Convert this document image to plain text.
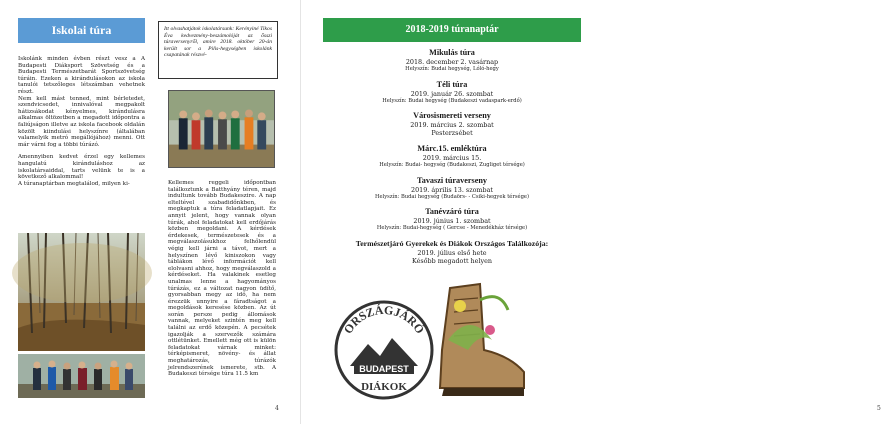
Iskolai túra

Iskolánk minden évben részt vesz a A Budapesti Diáksport Szövetség és a Budapesti Természetbarát Sportszövetség túráin. Ezeken a kirándulásokon az iskola tanulói tetszőleges létszámban vehetnek részt.

Nem kell mást tenned, mint bérletedet, szendvicsedet, innivalóval megpakolt hátizsákodat kényelmes, kirándulásra alkalmas öltözetben a megadott időpontra a faliújságon illetve az iskola facebook oldalán közölt kiindulási helyszínre (általában valamelyik metró megállójához) menni. Ott már várni fog a többi túrázó.

Amennyiben kedvet érzel egy kellemes hangulatú kiránduláshoz az iskolatársaiddal, tarts velünk te is a következő alkalommal!

A túranaptárban megtalálod, milyen ki-

Itt olvashatjátok iskolatársunk: Kerényiné Tikos Éva kedvezmény-beszámolóját az ősszi túraversenyről, amire 2018. október 20-án került sor a Pilis-hegységben iskolánk csapatának részvé-
Kellemes reggeli időpontban találkoztunk a Batthyány téren, majd indultunk tovább Budakeszire. A nap elteltével szabadidőnkben, és megkaptuk a túra feladatlapjait. Ez annyit jelent, hogy vannak olyan túrák, ahol feladatokat kell erdőjárás közben megoldani. A kérdések érdekesek, természetesek és a megválaszolásukhoz felhőlendül végig kell járni a távot, mert a helyszínen lévő kiniszokon vagy táblákon lévő információt kell elolvasni ahhoz, hogy megválaszold a kérdéseket. Ha valakinek esetleg unalmas lenne a hagyományos túrázás, ez a változat nagyon üdítő, gyorsabban megy az idő, ha nem érezzük unnyire a fáradtságot a megoldások keresése közben. Az út során persze pedig állomások vannak, melyeket szintén meg kell találni az erdő közepén. A pecsétek igazolják a szervezők számára ottlétünket. Emellett még ott is külön feladatokat várnak minket: térképismeret, növény- és állat meghatározás, túrázók jelrendszerének ismerete, stb. A Budakeszi térsége túra 11.5 km
4
2018-2019 túranaptár
Mikulás túra
2018. december 2. vasárnap
Helyszín: Budai hegység, Lóló-hegy
Téli túra
2019. január 26. szombat
Helyszín: Budai hegység (Budakeszi vadaspark-erdő)
Városismereti verseny
2019. március 2. szombat
Pesterzsébet
Márc.15. emléktúra
2019. március 15.
Helyszín: Budai- hegység (Budakeszi, Zugliget térsége)
Tavaszi túraverseny
2019. április 13. szombat
Helyszín: Budai hegység (Budaörs- - Csiki-hegyek térsége)
Tanévzáró túra
2019. június 1. szombat
Helyszín: Budai-hegység ( Gercse - Menedékház térsége)
Természetjáró Gyerekek és Diákok Országos Találkozója:
2019. július első hete
Később megadott helyen
5
ORSZÁGJÁRÓ
BUDAPEST
DIÁKOK
